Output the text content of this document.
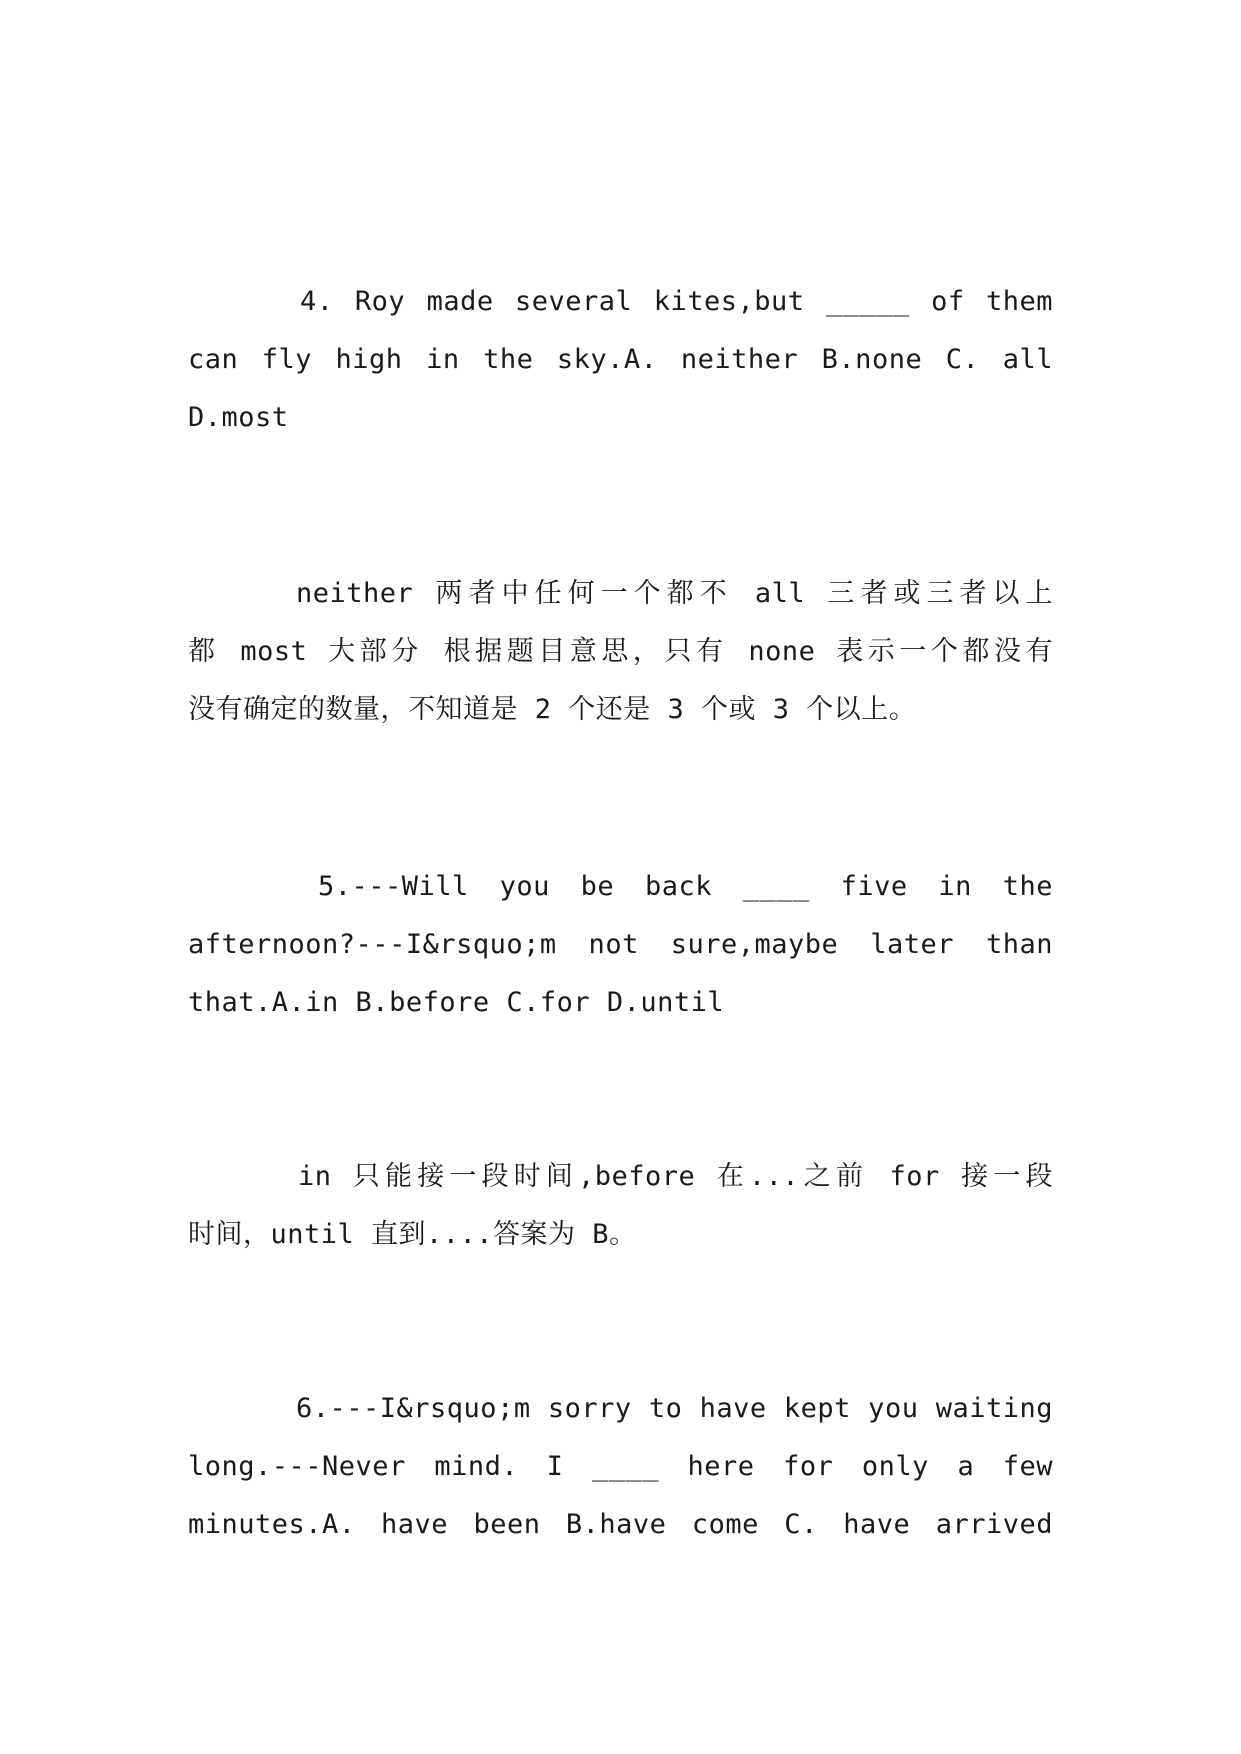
4. Roy made several kites,but _____ of them
can fly high in the sky.A. neither B.none C. all
D.most
neither 两者中任何一个都不 all 三者或三者以上
都 most 大部分 根据题目意思，只有 none 表示一个都没有
没有确定的数量，不知道是 2 个还是 3 个或 3 个以上。
5.---Will you be back ____ five in the
afternoon?---I&rsquo;m not sure,maybe later than
that.A.in B.before C.for D.until
in 只能接一段时间,before 在...之前 for 接一段
时间，until 直到....答案为 B。
6.---I&rsquo;m sorry to have kept you waiting
long.---Never mind. I ____ here for only a few
minutes.A. have been B.have come C. have arrived
